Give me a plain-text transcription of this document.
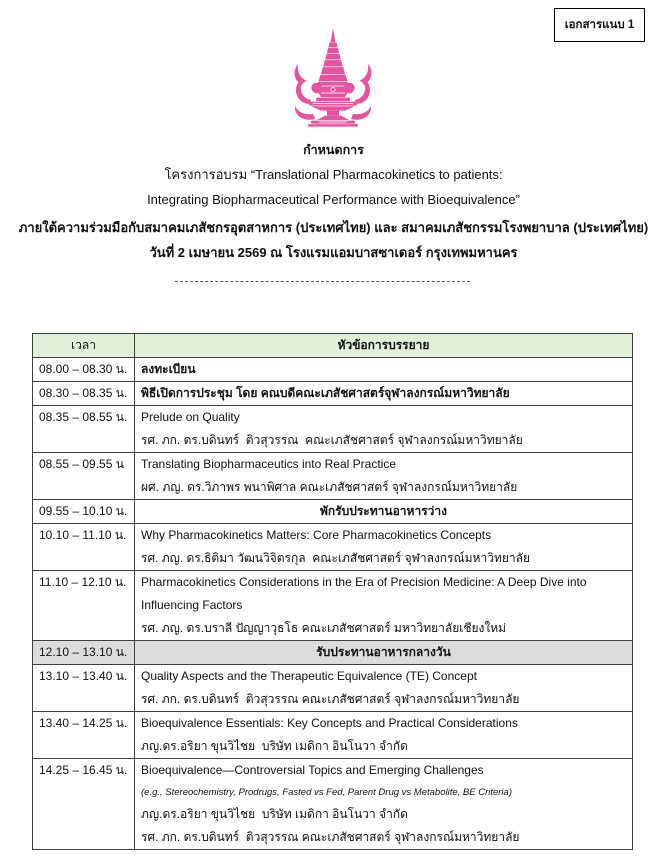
เอกสารแนบ 1
กำหนดการ
โครงการอบรม “Translational Pharmacokinetics to patients:
Integrating Biopharmaceutical Performance with Bioequivalence”
ภายใต้ความร่วมมือกับสมาคมเภสัชกรอุตสาหการ (ประเทศไทย) และ สมาคมเภสัชกรรมโรงพยาบาล (ประเทศไทย)
วันที่ 2 เมษายน 2569 ณ โรงแรมแอมบาสซาเดอร์ กรุงเทพมหานคร
เวลา	หัวข้อการบรรยาย

08.00 – 08.30 น.	ลงทะเบียน

08.30 – 08.35 น.	พิธีเปิดการประชุม โดย คณบดีคณะเภสัชศาสตร์จุฬาลงกรณ์มหาวิทยาลัย

08.35 – 08.55 น.	Prelude on Quality
รศ. ภก. ดร.บดินทร์  ติวสุวรรณ  คณะเภสัชศาสตร์ จุฬาลงกรณ์มหาวิทยาลัย

08.55 – 09.55 น	Translating Biopharmaceutics into Real Practice
ผศ. ภญ. ดร.วิภาพร พนาพิศาล คณะเภสัชศาสตร์ จุฬาลงกรณ์มหาวิทยาลัย

09.55 – 10.10 น.	พักรับประทานอาหารว่าง

10.10 – 11.10 น.	Why Pharmacokinetics Matters: Core Pharmacokinetics Concepts
รศ. ภญ. ดร.ธิติมา วัฒนวิจิตรกุล  คณะเภสัชศาสตร์ จุฬาลงกรณ์มหาวิทยาลัย

11.10 – 12.10 น.	Pharmacokinetics Considerations in the Era of Precision Medicine: A Deep Dive into
Influencing Factors
รศ. ภญ. ดร.บราลี ปัญญาวุธโธ คณะเภสัชศาสตร์ มหาวิทยาลัยเชียงใหม่

12.10 – 13.10 น.	รับประทานอาหารกลางวัน

13.10 – 13.40 น.	Quality Aspects and the Therapeutic Equivalence (TE) Concept
รศ. ภก. ดร.บดินทร์  ติวสุวรรณ คณะเภสัชศาสตร์ จุฬาลงกรณ์มหาวิทยาลัย

13.40 – 14.25 น.	Bioequivalence Essentials: Key Concepts and Practical Considerations
ภญ.ดร.อริยา ขุนวิไชย  บริษัท เมดิกา อินโนวา จำกัด

14.25 – 16.45 น.	Bioequivalence—Controversial Topics and Emerging Challenges
(e.g., Stereochemistry, Prodrugs, Fasted vs Fed, Parent Drug vs Metabolite, BE Criteria)
ภญ.ดร.อริยา ขุนวิไชย  บริษัท เมดิกา อินโนวา จำกัด
รศ. ภก. ดร.บดินทร์  ติวสุวรรณ คณะเภสัชศาสตร์ จุฬาลงกรณ์มหาวิทยาลัย
